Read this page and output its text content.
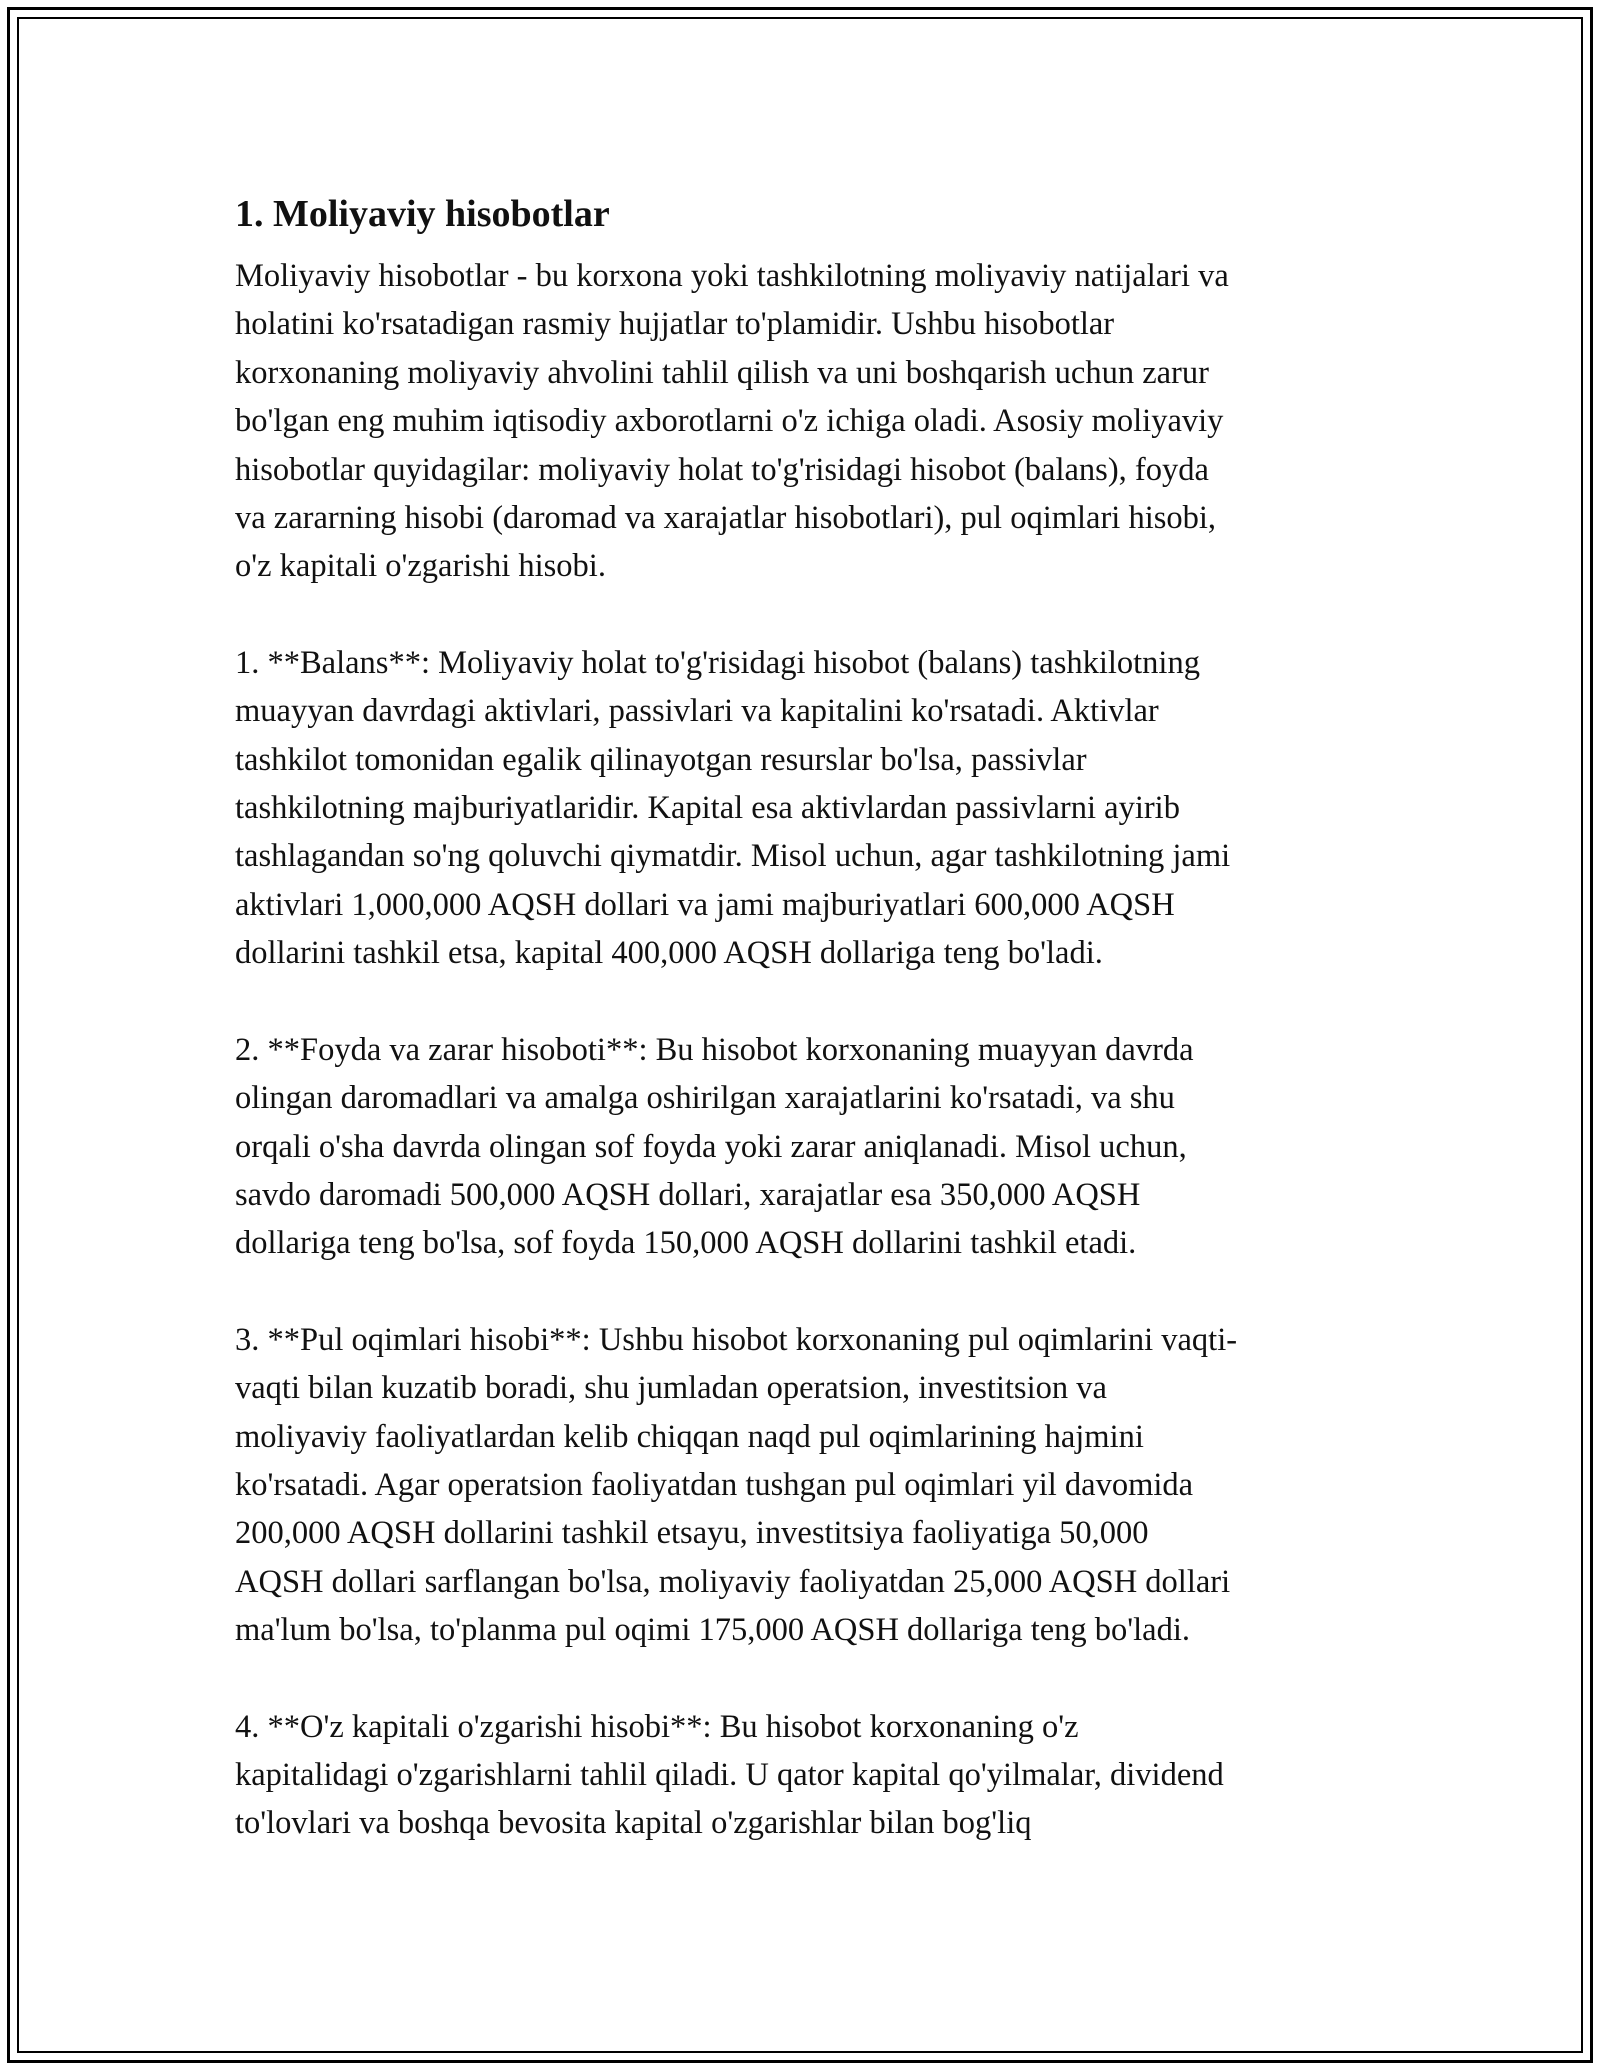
1. Moliyaviy hisobotlar

Moliyaviy hisobotlar - bu korxona yoki tashkilotning moliyaviy natijalari va
holatini ko'rsatadigan rasmiy hujjatlar to'plamidir. Ushbu hisobotlar
korxonaning moliyaviy ahvolini tahlil qilish va uni boshqarish uchun zarur
bo'lgan eng muhim iqtisodiy axborotlarni o'z ichiga oladi. Asosiy moliyaviy
hisobotlar quyidagilar: moliyaviy holat to'g'risidagi hisobot (balans), foyda
va zararning hisobi (daromad va xarajatlar hisobotlari), pul oqimlari hisobi,
o'z kapitali o'zgarishi hisobi.

1. **Balans**: Moliyaviy holat to'g'risidagi hisobot (balans) tashkilotning
muayyan davrdagi aktivlari, passivlari va kapitalini ko'rsatadi. Aktivlar
tashkilot tomonidan egalik qilinayotgan resurslar bo'lsa, passivlar
tashkilotning majburiyatlaridir. Kapital esa aktivlardan passivlarni ayirib
tashlagandan so'ng qoluvchi qiymatdir. Misol uchun, agar tashkilotning jami
aktivlari 1,000,000 AQSH dollari va jami majburiyatlari 600,000 AQSH
dollarini tashkil etsa, kapital 400,000 AQSH dollariga teng bo'ladi.

2. **Foyda va zarar hisoboti**: Bu hisobot korxonaning muayyan davrda
olingan daromadlari va amalga oshirilgan xarajatlarini ko'rsatadi, va shu
orqali o'sha davrda olingan sof foyda yoki zarar aniqlanadi. Misol uchun,
savdo daromadi 500,000 AQSH dollari, xarajatlar esa 350,000 AQSH
dollariga teng bo'lsa, sof foyda 150,000 AQSH dollarini tashkil etadi.

3. **Pul oqimlari hisobi**: Ushbu hisobot korxonaning pul oqimlarini vaqti-
vaqti bilan kuzatib boradi, shu jumladan operatsion, investitsion va
moliyaviy faoliyatlardan kelib chiqqan naqd pul oqimlarining hajmini
ko'rsatadi. Agar operatsion faoliyatdan tushgan pul oqimlari yil davomida
200,000 AQSH dollarini tashkil etsayu, investitsiya faoliyatiga 50,000
AQSH dollari sarflangan bo'lsa, moliyaviy faoliyatdan 25,000 AQSH dollari
ma'lum bo'lsa, to'planma pul oqimi 175,000 AQSH dollariga teng bo'ladi.

4. **O'z kapitali o'zgarishi hisobi**: Bu hisobot korxonaning o'z
kapitalidagi o'zgarishlarni tahlil qiladi. U qator kapital qo'yilmalar, dividend
to'lovlari va boshqa bevosita kapital o'zgarishlar bilan bog'liq
